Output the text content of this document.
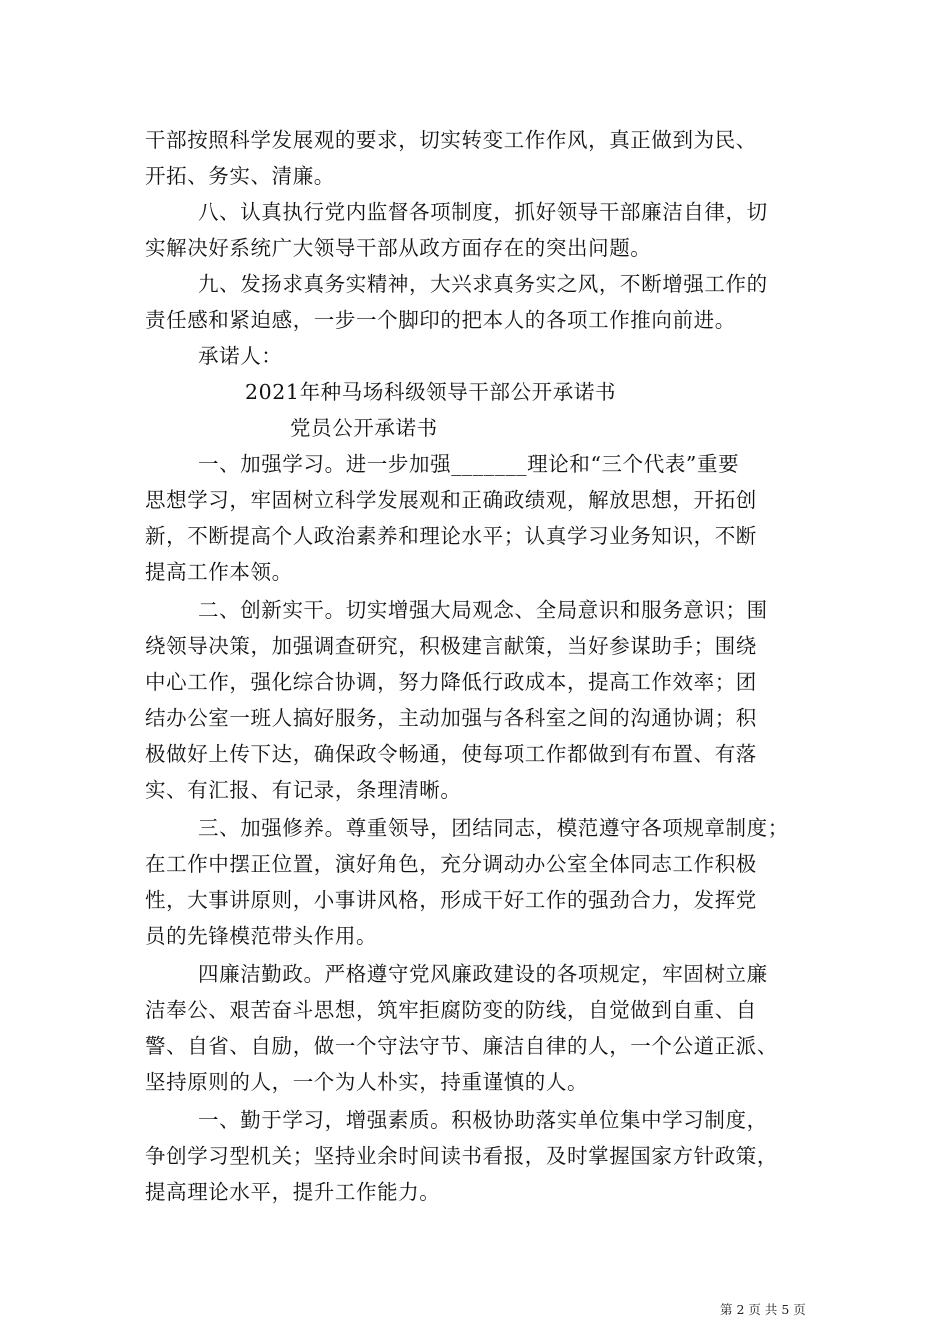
干部按照科学发展观的要求，切实转变工作作风，真正做到为民、
开拓、务实、清廉。
八、认真执行党内监督各项制度，抓好领导干部廉洁自律，切
实解决好系统广大领导干部从政方面存在的突出问题。
九、发扬求真务实精神，大兴求真务实之风，不断增强工作的
责任感和紧迫感，一步一个脚印的把本人的各项工作推向前进。
承诺人：
2021年种马场科级领导干部公开承诺书
党员公开承诺书
一、加强学习。进一步加强_______理论和“三个代表”重要
思想学习，牢固树立科学发展观和正确政绩观，解放思想，开拓创
新，不断提高个人政治素养和理论水平；认真学习业务知识，不断
提高工作本领。
二、创新实干。切实增强大局观念、全局意识和服务意识；围
绕领导决策，加强调查研究，积极建言献策，当好参谋助手；围绕
中心工作，强化综合协调，努力降低行政成本，提高工作效率；团
结办公室一班人搞好服务，主动加强与各科室之间的沟通协调；积
极做好上传下达，确保政令畅通，使每项工作都做到有布置、有落
实、有汇报、有记录，条理清晰。
三、加强修养。尊重领导，团结同志，模范遵守各项规章制度；
在工作中摆正位置，演好角色，充分调动办公室全体同志工作积极
性，大事讲原则，小事讲风格，形成干好工作的强劲合力，发挥党
员的先锋模范带头作用。
四廉洁勤政。严格遵守党风廉政建设的各项规定，牢固树立廉
洁奉公、艰苦奋斗思想，筑牢拒腐防变的防线，自觉做到自重、自
警、自省、自励，做一个守法守节、廉洁自律的人，一个公道正派、
坚持原则的人，一个为人朴实，持重谨慎的人。
一、勤于学习，增强素质。积极协助落实单位集中学习制度，
争创学习型机关；坚持业余时间读书看报，及时掌握国家方针政策，
提高理论水平，提升工作能力。
第 2 页 共 5 页
